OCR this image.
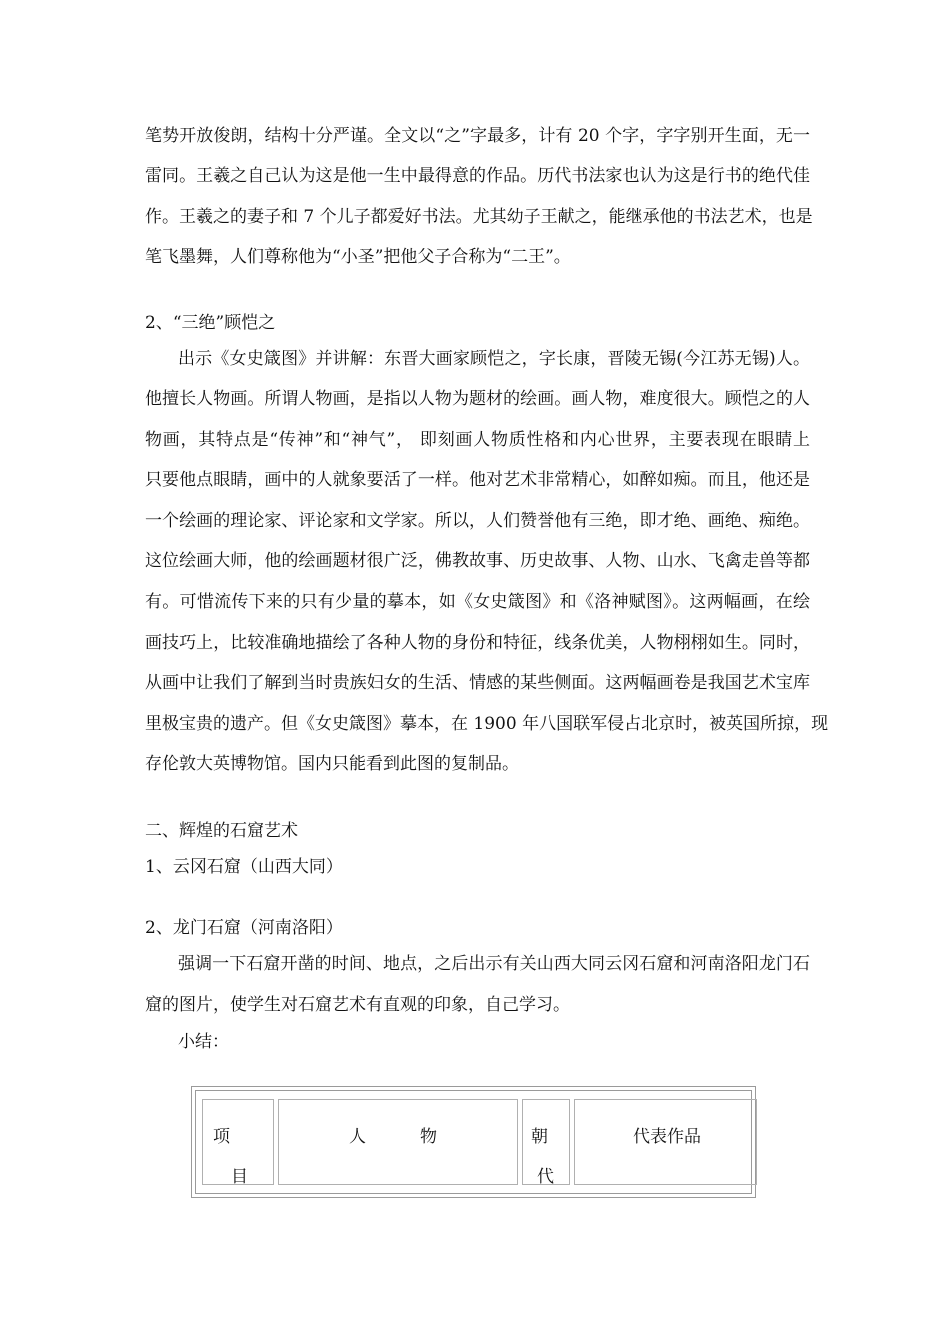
笔势开放俊朗，结构十分严谨。全文以“之”字最多，计有 20 个字，字字别开生面，无一
雷同。王羲之自己认为这是他一生中最得意的作品。历代书法家也认为这是行书的绝代佳
作。王羲之的妻子和 7 个儿子都爱好书法。尤其幼子王献之，能继承他的书法艺术，也是
笔飞墨舞，人们尊称他为“小圣”把他父子合称为“二王”。
2、“三绝”顾恺之
出示《女史箴图》并讲解：东晋大画家顾恺之，字长康，晋陵无锡(今江苏无锡)人。
他擅长人物画。所谓人物画，是指以人物为题材的绘画。画人物，难度很大。顾恺之的人
物画，其特点是“传神”和“神气”， 即刻画人物质性格和内心世界，主要表现在眼睛上
只要他点眼睛，画中的人就象要活了一样。他对艺术非常精心，如醉如痴。而且，他还是
一个绘画的理论家、评论家和文学家。所以，人们赞誉他有三绝，即才绝、画绝、痴绝。
这位绘画大师，他的绘画题材很广泛，佛教故事、历史故事、人物、山水、飞禽走兽等都
有。可惜流传下来的只有少量的摹本，如《女史箴图》和《洛神赋图》。这两幅画，在绘
画技巧上，比较准确地描绘了各种人物的身份和特征，线条优美，人物栩栩如生。同时，
从画中让我们了解到当时贵族妇女的生活、情感的某些侧面。这两幅画卷是我国艺术宝库
里极宝贵的遗产。但《女史箴图》摹本，在 1900 年八国联军侵占北京时，被英国所掠，现
存伦敦大英博物馆。国内只能看到此图的复制品。
二、辉煌的石窟艺术
1、云冈石窟（山西大同）
2、龙门石窟（河南洛阳）
强调一下石窟开凿的时间、地点，之后出示有关山西大同云冈石窟和河南洛阳龙门石
窟的图片，使学生对石窟艺术有直观的印象，自己学习。
小结：
项
目
人          物	朝
代
代表作品
